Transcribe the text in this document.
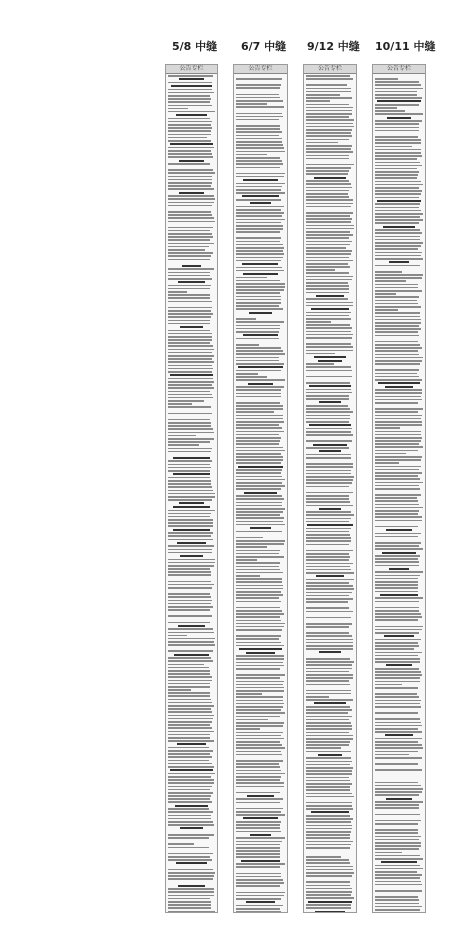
5/8 中缝 6/7 中缝 9/12 中缝 10/11 中缝
公告专栏	公告专栏	公告专栏	公告专栏
